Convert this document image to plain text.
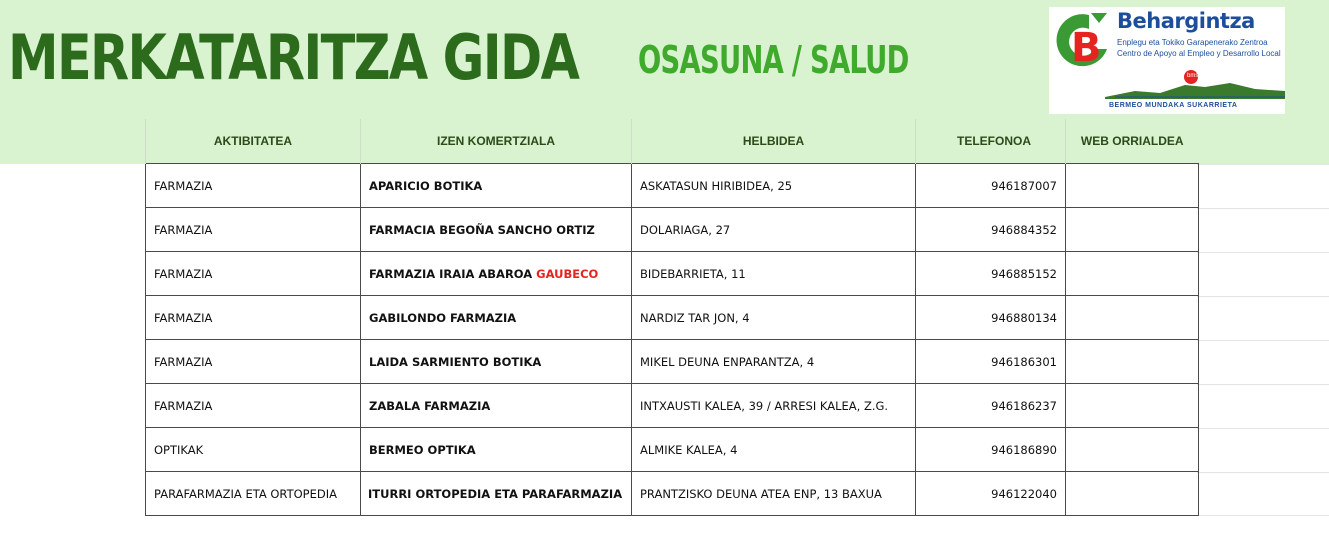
MERKATARITZA GIDA OSASUNA / SALUD	B
Behargintza
Enplegu eta Tokiko Garapenerako Zentroa
Centro de Apoyo al Empleo y Desarrollo Local
bms
BERMEO MUNDAKA SUKARRIETA
AKTIBITATEA	IZEN KOMERTZIALA	HELBIDEA	TELEFONOA	WEB ORRIALDEA
FARMAZIA	APARICIO BOTIKA	ASKATASUN HIRIBIDEA, 25	946187007	
FARMAZIA	FARMACIA BEGOÑA SANCHO ORTIZ	DOLARIAGA, 27	946884352	
FARMAZIA	FARMAZIA IRAIA ABAROA GAUBECO	BIDEBARRIETA, 11	946885152	
FARMAZIA	GABILONDO FARMAZIA	NARDIZ TAR JON, 4	946880134	
FARMAZIA	LAIDA SARMIENTO BOTIKA	MIKEL DEUNA ENPARANTZA, 4	946186301	
FARMAZIA	ZABALA FARMAZIA	INTXAUSTI KALEA, 39 / ARRESI KALEA, Z.G.	946186237	
OPTIKAK	BERMEO OPTIKA	ALMIKE KALEA, 4	946186890	
PARAFARMAZIA ETA ORTOPEDIA	ITURRI ORTOPEDIA ETA PARAFARMAZIA	PRANTZISKO DEUNA ATEA ENP, 13 BAXUA	946122040	
